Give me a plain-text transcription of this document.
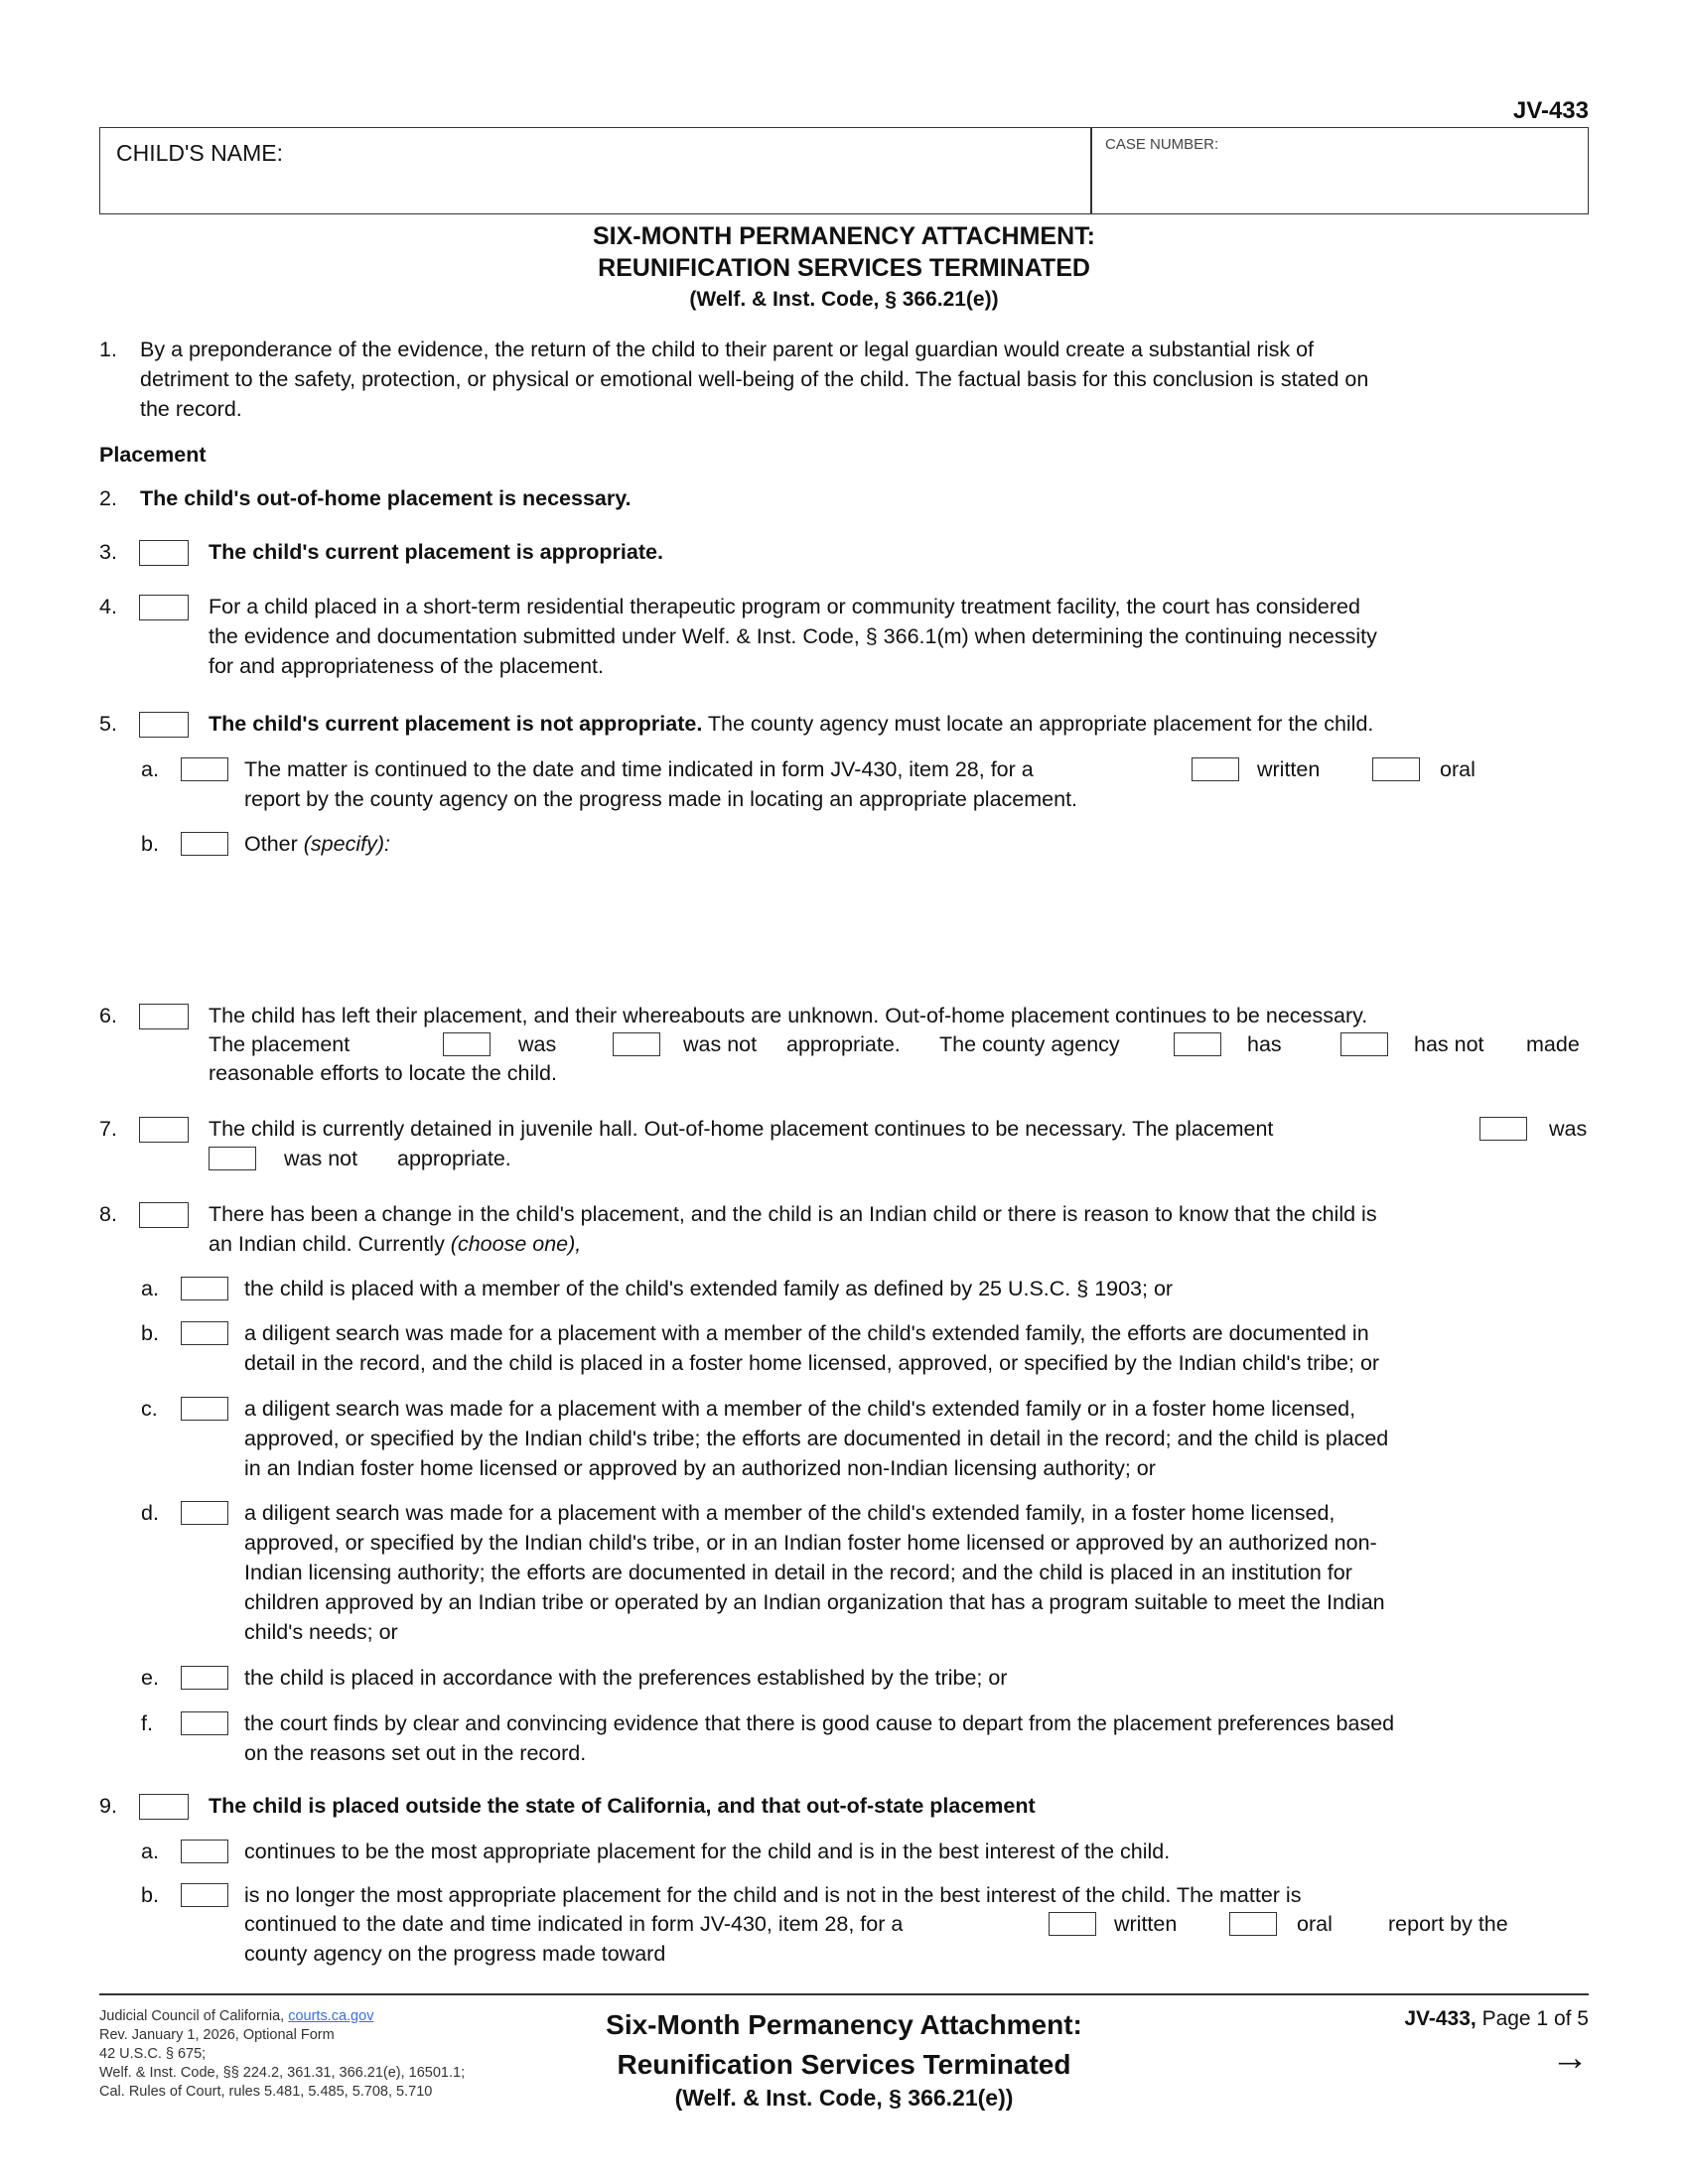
JV-433
CHILD'S NAME:	CASE NUMBER:
SIX-MONTH PERMANENCY ATTACHMENT:
REUNIFICATION SERVICES TERMINATED
(Welf. & Inst. Code, § 366.21(e))
1. By a preponderance of the evidence, the return of the child to their parent or legal guardian would create a substantial risk of
detriment to the safety, protection, or physical or emotional well-being of the child. The factual basis for this conclusion is stated on
the record.
Placement
2. The child's out-of-home placement is necessary.
3.	The child's current placement is appropriate.
4.	For a child placed in a short-term residential therapeutic program or community treatment facility, the court has considered
the evidence and documentation submitted under Welf. & Inst. Code, § 366.1(m) when determining the continuing necessity
for and appropriateness of the placement.
5.	The child's current placement is not appropriate. The county agency must locate an appropriate placement for the child.
a.	The matter is continued to the date and time indicated in form JV-430, item 28, for a	written	oral
report by the county agency on the progress made in locating an appropriate placement.
b.	Other (specify):
6.	The child has left their placement, and their whereabouts are unknown. Out-of-home placement continues to be necessary.
The placement	was	was not appropriate. The county agency	has	has not made
reasonable efforts to locate the child.
7.	The child is currently detained in juvenile hall. Out-of-home placement continues to be necessary. The placement	was
was not appropriate.
8.	There has been a change in the child's placement, and the child is an Indian child or there is reason to know that the child is
an Indian child. Currently (choose one),
a.	the child is placed with a member of the child's extended family as defined by 25 U.S.C. § 1903; or
b.	a diligent search was made for a placement with a member of the child's extended family, the efforts are documented in
detail in the record, and the child is placed in a foster home licensed, approved, or specified by the Indian child's tribe; or
c.	a diligent search was made for a placement with a member of the child's extended family or in a foster home licensed,
approved, or specified by the Indian child's tribe; the efforts are documented in detail in the record; and the child is placed
in an Indian foster home licensed or approved by an authorized non-Indian licensing authority; or
d.	a diligent search was made for a placement with a member of the child's extended family, in a foster home licensed,
approved, or specified by the Indian child's tribe, or in an Indian foster home licensed or approved by an authorized non-
Indian licensing authority; the efforts are documented in detail in the record; and the child is placed in an institution for
children approved by an Indian tribe or operated by an Indian organization that has a program suitable to meet the Indian
child's needs; or
e.	the child is placed in accordance with the preferences established by the tribe; or
f.	the court finds by clear and convincing evidence that there is good cause to depart from the placement preferences based
on the reasons set out in the record.
9.	The child is placed outside the state of California, and that out-of-state placement
a.	continues to be the most appropriate placement for the child and is in the best interest of the child.
b.	is no longer the most appropriate placement for the child and is not in the best interest of the child. The matter is
continued to the date and time indicated in form JV-430, item 28, for a	written	oral	report by the
county agency on the progress made toward
Judicial Council of California, courts.ca.gov
Rev. January 1, 2026, Optional Form
42 U.S.C. § 675;
Welf. & Inst. Code, §§ 224.2, 361.31, 366.21(e), 16501.1;
Cal. Rules of Court, rules 5.481, 5.485, 5.708, 5.710
Six-Month Permanency Attachment:
Reunification Services Terminated
(Welf. & Inst. Code, § 366.21(e))
JV-433, Page 1 of 5
→
